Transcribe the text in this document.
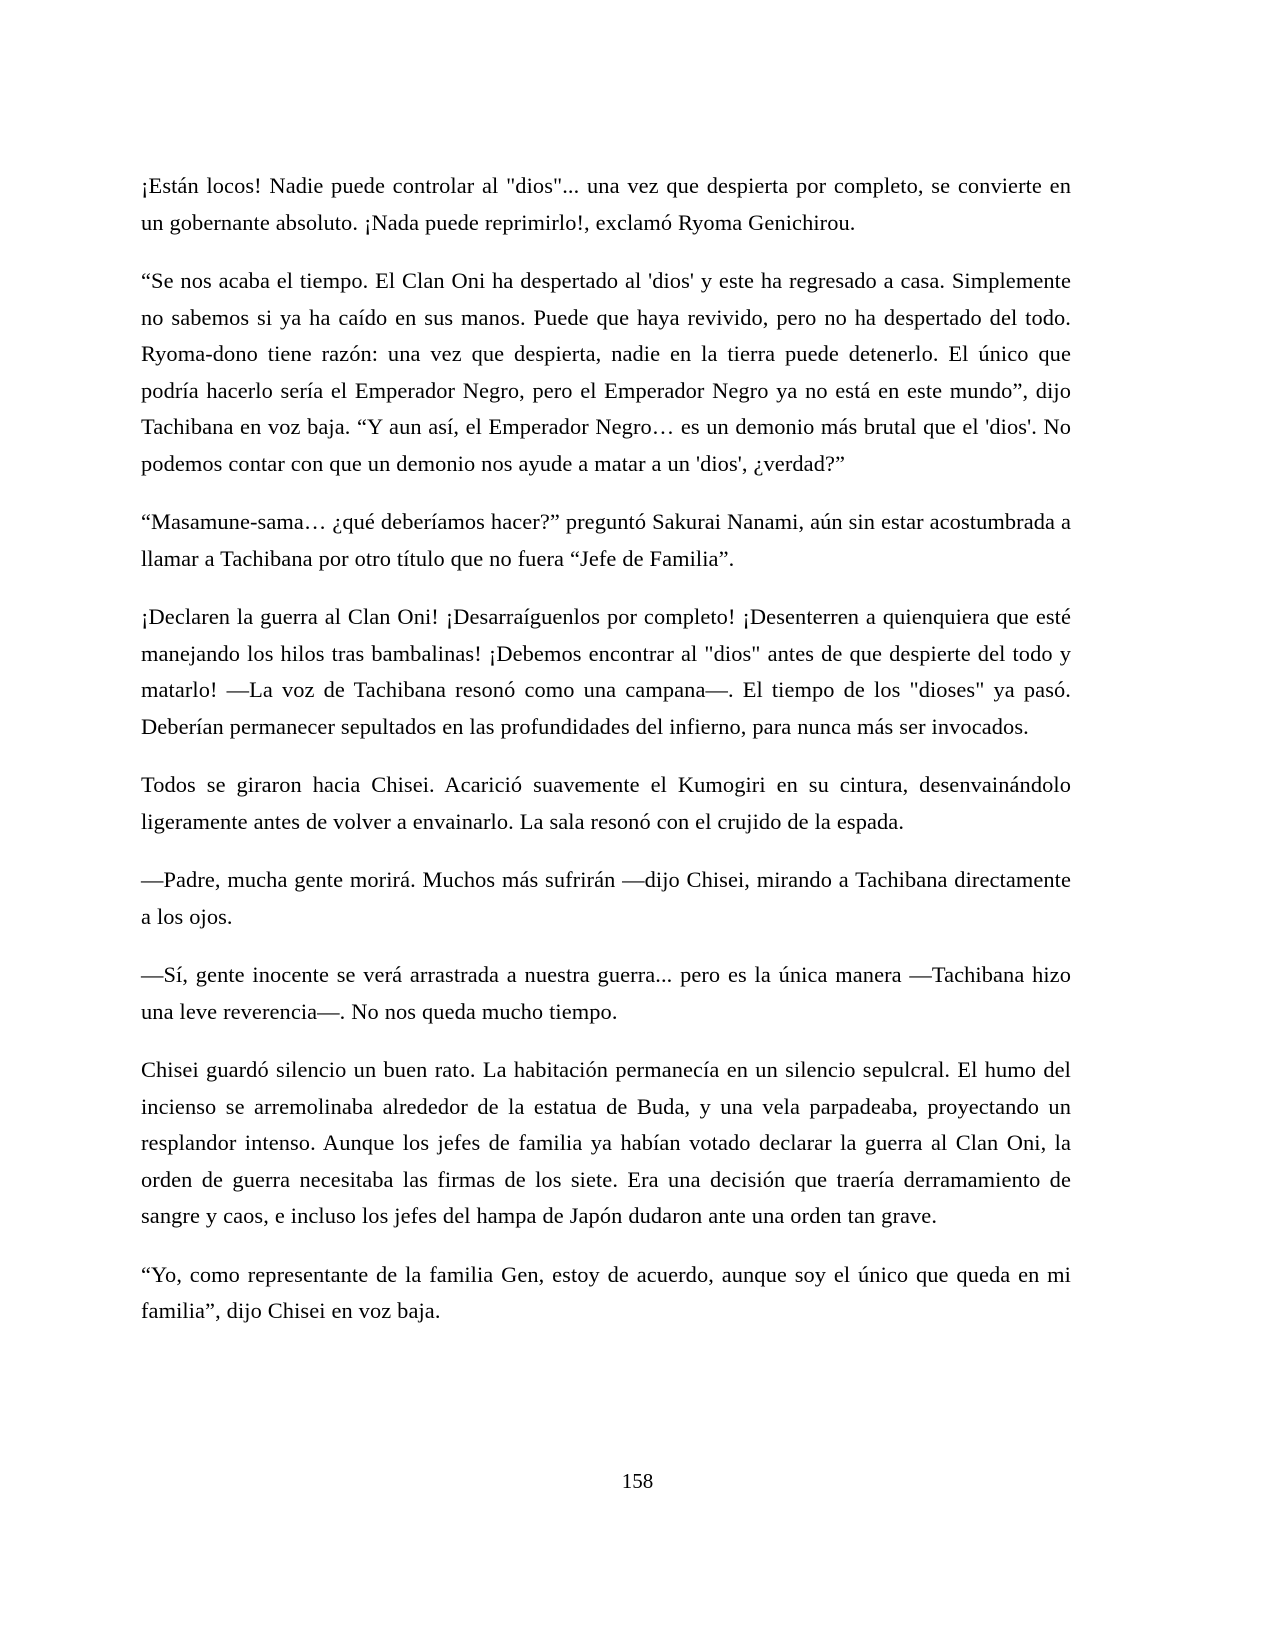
¡Están locos! Nadie puede controlar al "dios"... una vez que despierta por completo, se convierte en un gobernante absoluto. ¡Nada puede reprimirlo!, exclamó Ryoma Genichirou.

“Se nos acaba el tiempo. El Clan Oni ha despertado al 'dios' y este ha regresado a casa. Simplemente no sabemos si ya ha caído en sus manos. Puede que haya revivido, pero no ha despertado del todo. Ryoma-dono tiene razón: una vez que despierta, nadie en la tierra puede detenerlo. El único que podría hacerlo sería el Emperador Negro, pero el Emperador Negro ya no está en este mundo”, dijo Tachibana en voz baja. “Y aun así, el Emperador Negro… es un demonio más brutal que el 'dios'. No podemos contar con que un demonio nos ayude a matar a un 'dios', ¿verdad?”

“Masamune-sama… ¿qué deberíamos hacer?” preguntó Sakurai Nanami, aún sin estar acostumbrada a llamar a Tachibana por otro título que no fuera “Jefe de Familia”.

¡Declaren la guerra al Clan Oni! ¡Desarraíguenlos por completo! ¡Desenterren a quienquiera que esté manejando los hilos tras bambalinas! ¡Debemos encontrar al "dios" antes de que despierte del todo y matarlo! —La voz de Tachibana resonó como una campana—. El tiempo de los "dioses" ya pasó. Deberían permanecer sepultados en las profundidades del infierno, para nunca más ser invocados.

Todos se giraron hacia Chisei. Acarició suavemente el Kumogiri en su cintura, desenvainándolo ligeramente antes de volver a envainarlo. La sala resonó con el crujido de la espada.

—Padre, mucha gente morirá. Muchos más sufrirán —dijo Chisei, mirando a Tachibana directamente a los ojos.

—Sí, gente inocente se verá arrastrada a nuestra guerra... pero es la única manera —Tachibana hizo una leve reverencia—. No nos queda mucho tiempo.

Chisei guardó silencio un buen rato. La habitación permanecía en un silencio sepulcral. El humo del incienso se arremolinaba alrededor de la estatua de Buda, y una vela parpadeaba, proyectando un resplandor intenso. Aunque los jefes de familia ya habían votado declarar la guerra al Clan Oni, la orden de guerra necesitaba las firmas de los siete. Era una decisión que traería derramamiento de sangre y caos, e incluso los jefes del hampa de Japón dudaron ante una orden tan grave.

“Yo, como representante de la familia Gen, estoy de acuerdo, aunque soy el único que queda en mi familia”, dijo Chisei en voz baja.

158
